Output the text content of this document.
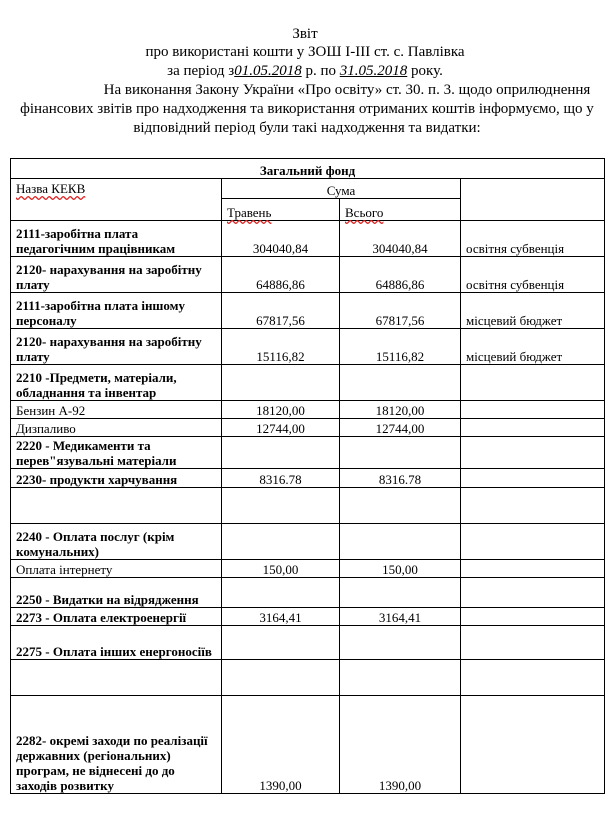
Звіт
про використані кошти у ЗОШ І-ІІІ ст. с. Павлівка
за період з01.05.2018 р. по 31.05.2018 року.
На виконання Закону України «Про освіту» ст. 30. п. 3. щодо оприлюднення фінансових звітів про надходження та використання отриманих коштів інформуємо, що у відповідний період були такі надходження та видатки:
Загальний фонд			
Назва КЕКВ	Сума		
	Травень	Всього	
2111-заробітна плата педагогічним працівникам	304040,84	304040,84	освітня субвенція
2120- нарахування на заробітну плату	64886,86	64886,86	освітня субвенція
2111-заробітна плата іншому персоналу	67817,56	67817,56	місцевий бюджет
2120- нарахування на заробітну плату	15116,82	15116,82	місцевий бюджет
2210 -Предмети, матеріали, обладнання та інвентар			
Бензин А-92	18120,00	18120,00	
Дизпаливо	12744,00	12744,00	
2220 - Медикаменти та перев"язувальні матеріали			
2230- продукти харчування	8316.78	8316.78	

2240 - Оплата послуг (крім комунальних)			
Оплата інтернету	150,00	150,00	
2250 - Видатки на відрядження			
2273 - Оплата електроенергії	3164,41	3164,41	
2275 - Оплата інших енергоносіїв			

2282- окремі заходи по реалізації державних (регіональних) програм, не віднесені до до заходів розвитку	1390,00	1390,00	
